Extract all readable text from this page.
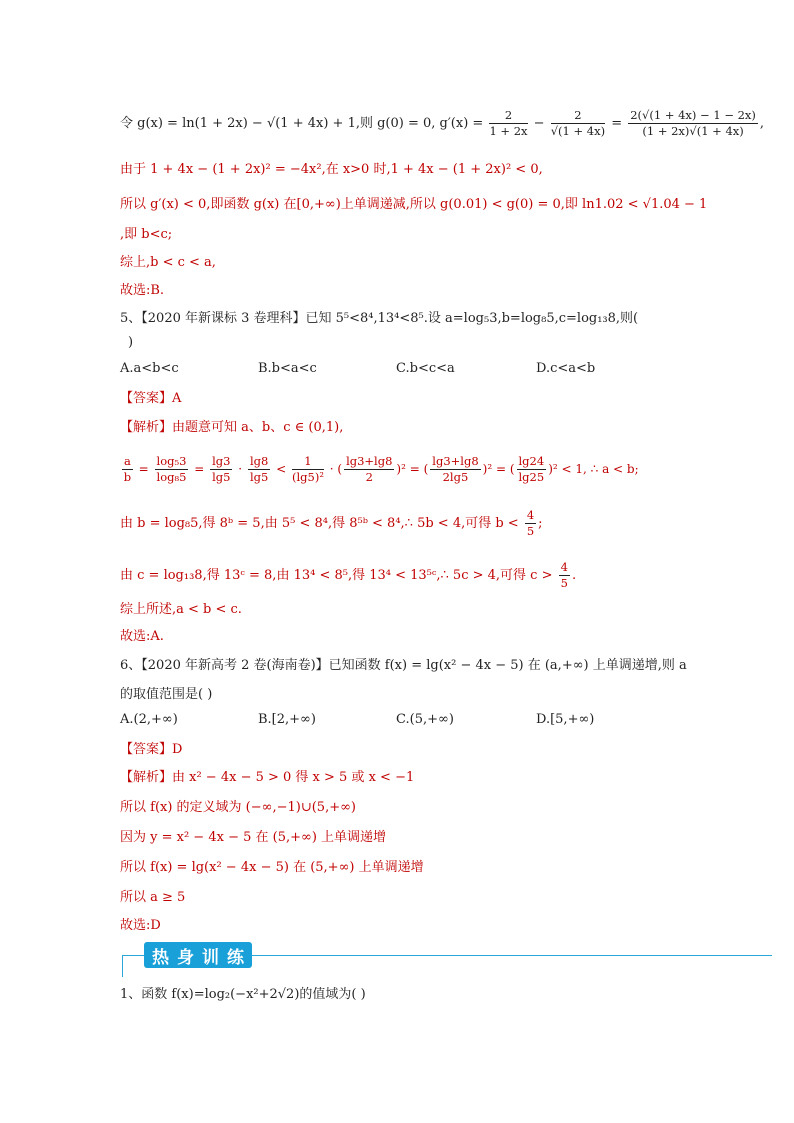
令 g(x) = ln(1 + 2x) − √(1 + 4x) + 1,则 g(0) = 0, $g'(x) = \frac{2}{1 + 2x} - \frac{2}{√(1 + 4x)} = \frac{2(√(1 + 4x) - 1 - 2x)}{(1 + 2x)√(1 + 4x)}$ ,
由于 1 + 4x − (1 + 2x)² = −4x²,在 x>0 时,1 + 4x − (1 + 2x)² < 0,
所以 g′(x) < 0,即函数 g(x) 在[0,+∞)上单调递减,所以 g(0.01) < g(0) = 0,即 ln1.02 < √1.04 − 1
,即 b<c;
综上,b < c < a,
故选:B.
5、【2020 年新课标 3 卷理科】已知 5⁵<8⁴,13⁴<8⁵.设 a=log₅3,b=log₈5,c=log₁₃8,则(
)
A.a<b<c	B.b<a<c	C.b<c<a	D.c<a<b
【答案】A
【解析】由题意可知 a、b、c ∈ (0,1),
$\frac{a}{b} = \frac{\text{log₅3}}{\text{log₈5}} = \frac{\lg 3}{\lg 5} \cdot \frac{\lg 8}{\lg 5} < \frac{1}{\text{(lg5)²}}$ · ( $\frac{\lg 3+\lg 8}{2} )^2$ = ( $\frac{\lg 3+\lg 8}{2\lg 5} )^2$ = ( $\frac{\lg 24}{\lg 25} )^2 < 1$, ∴ a < b;
由 b = log₈5,得 8ᵇ = 5,由 5⁵ < 8⁴,得 8⁵ᵇ < 8⁴,∴ 5b < 4,可得 $b < \frac{4}{5}$ ;
由 c = log₁₃8,得 13ᶜ = 8,由 13⁴ < 8⁵,得 13⁴ < 13⁵ᶜ,∴ 5c > 4,可得 $c > \frac{4}{5}$ .
综上所述,a < b < c.
故选:A.
6、【2020 年新高考 2 卷(海南卷)】已知函数 f(x) = lg(x² − 4x − 5) 在 (a,+∞) 上单调递增,则 a
的取值范围是( )
A.(2,+∞)	B.[2,+∞)	C.(5,+∞)	D.[5,+∞)
【答案】D
【解析】由 x² − 4x − 5 > 0 得 x > 5 或 x < −1
所以 f(x) 的定义域为 (−∞,−1)∪(5,+∞)
因为 y = x² − 4x − 5 在 (5,+∞) 上单调递增
所以 f(x) = lg(x² − 4x − 5) 在 (5,+∞) 上单调递增
所以 a ≥ 5
故选:D
热 身 训 练
1、函数 f(x)=log₂(−x²+2√2)的值域为( )
